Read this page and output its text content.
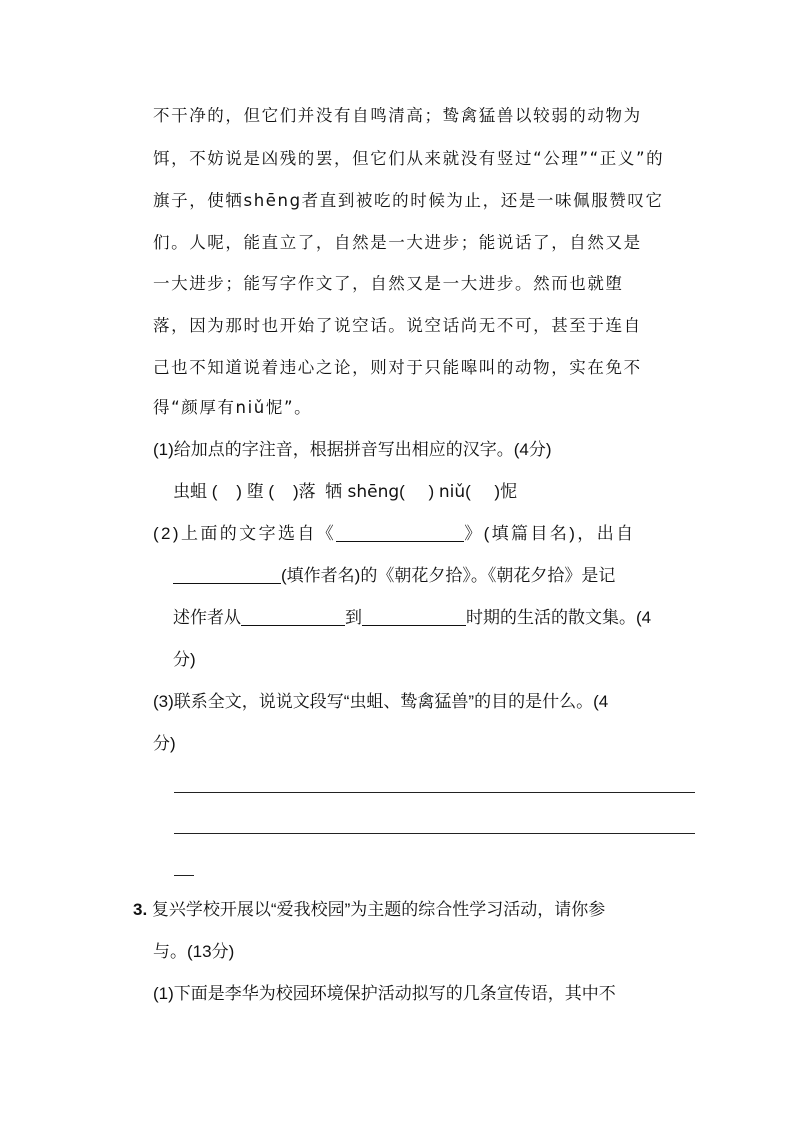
不干净的，但它们并没有自鸣清高；鸷禽猛兽以较弱的动物为
饵，不妨说是凶残的罢，但它们从来就没有竖过“公理”“正义”的
旗子，使牺shēng者直到被吃的时候为止，还是一味佩服赞叹它
们。人呢，能直立了，自然是一大进步；能说话了，自然又是
一大进步；能写字作文了，自然又是一大进步。然而也就堕
落，因为那时也开始了说空话。说空话尚无不可，甚至于连自
己也不知道说着违心之论，则对于只能嗥叫的动物，实在免不
得“颜厚有niǔ怩”。
(1)给加点的字注音，根据拼音写出相应的汉字。(4分)
虫蛆 (    ) 堕 (    )落 牺 shēng(     ) niǔ(     )怩
(2)上面的文字选自《	》(填篇目名)，出自
(填作者名)的《朝花夕拾》。《朝花夕拾》是记
述作者从	到	时期的生活的散文集。(4
分)
(3)联系全文，说说文段写“虫蛆、鸷禽猛兽”的目的是什么。(4
分)
3. 复兴学校开展以“爱我校园”为主题的综合性学习活动，请你参
与。(13分)
(1)下面是李华为校园环境保护活动拟写的几条宣传语，其中不
